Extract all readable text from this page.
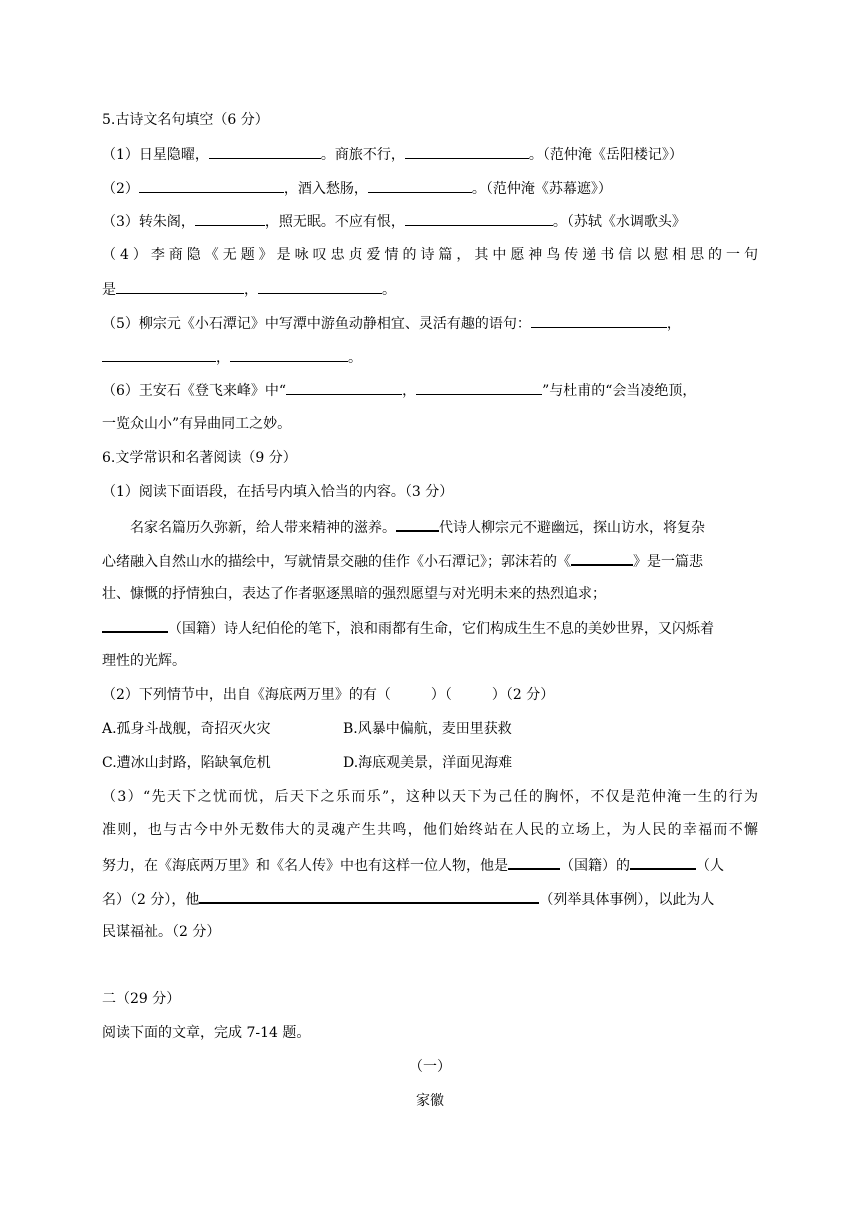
5.古诗文名句填空（6 分）
（1）日星隐曜，	。商旅不行，	。（范仲淹《岳阳楼记》）
（2）	，酒入愁肠，	。（范仲淹《苏幕遮》）
（3）转朱阁，	，照无眠。不应有恨，	。（苏轼《水调歌头》
（4）李商隐《无题》是咏叹忠贞爱情的诗篇，其中愿神鸟传递书信以慰相思的一句
是	，	。
（5）柳宗元《小石潭记》中写潭中游鱼动静相宜、灵活有趣的语句：	，
，	。
（6）王安石《登飞来峰》中“	，	”与杜甫的“会当凌绝顶，
一览众山小”有异曲同工之妙。
6.文学常识和名著阅读（9 分）
（1）阅读下面语段，在括号内填入恰当的内容。（3 分）
名家名篇历久弥新，给人带来精神的滋养。	代诗人柳宗元不避幽远，探山访水，将复杂
心绪融入自然山水的描绘中，写就情景交融的佳作《小石潭记》；郭沫若的《	》是一篇悲
壮、慷慨的抒情独白，表达了作者驱逐黑暗的强烈愿望与对光明未来的热烈追求；
（国籍）诗人纪伯伦的笔下，浪和雨都有生命，它们构成生生不息的美妙世界，又闪烁着
理性的光辉。
（2）下列情节中，出自《海底两万里》的有（	）（	）（2 分）
A.孤身斗战舰，奇招灭火灾	B.风暴中偏航，麦田里获救
C.遭冰山封路，陷缺氧危机	D.海底观美景，洋面见海难
（3）“先天下之忧而忧，后天下之乐而乐”，这种以天下为己任的胸怀，不仅是范仲淹一生的行为
准则，也与古今中外无数伟大的灵魂产生共鸣，他们始终站在人民的立场上，为人民的幸福而不懈
努力，在《海底两万里》和《名人传》中也有这样一位人物，他是	（国籍）的	（人
名）（2 分），他	（列举具体事例），以此为人
民谋福祉。（2 分）
二（29 分）
阅读下面的文章，完成 7-14 题。
（一）
家徽
